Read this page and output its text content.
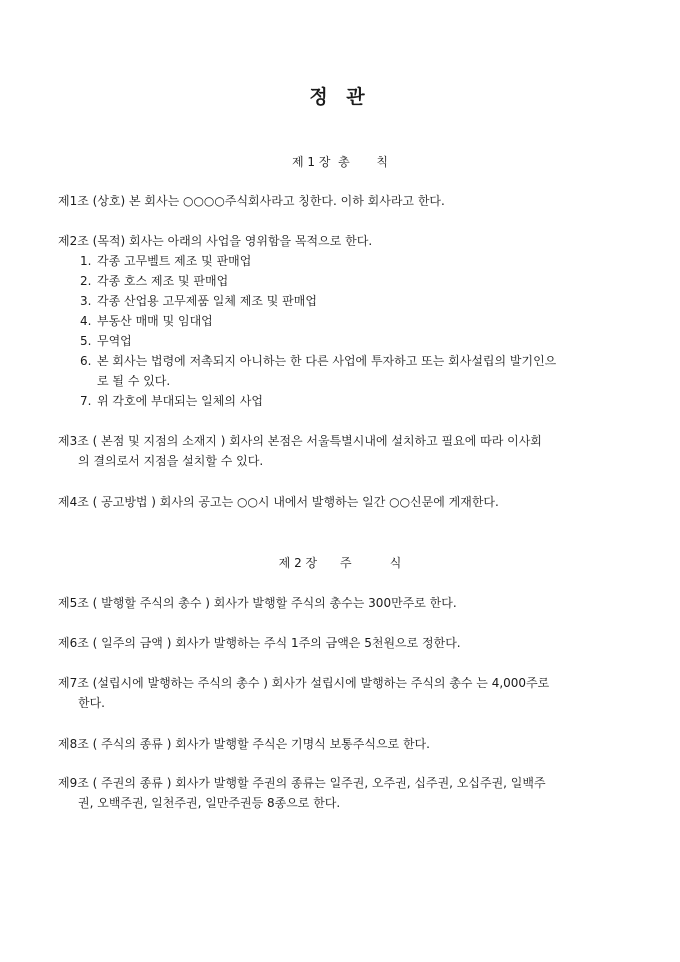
정 관
제 1 장  총       칙

제1조 (상호) 본 회사는 ○○○○주식회사라고 칭한다. 이하 회사라고 한다.

제2조 (목적) 회사는 아래의 사업을 영위함을 목적으로 한다.

1. 각종 고무벨트 제조 및 판매업
2. 각종 호스 제조 및 판매업
3. 각종 산업용 고무제품 일체 제조 및 판매업
4. 부동산 매매 및 임대업
5. 무역업
6. 본 회사는 법령에 저촉되지 아니하는 한 다른 사업에 투자하고 또는 회사설립의 발기인으
로 될 수 있다.
7. 위 각호에 부대되는 일체의 사업

제3조 ( 본점 및 지점의 소재지 ) 회사의 본점은 서울특별시내에 설치하고 필요에 따라 이사회

의 결의로서 지점을 설치할 수 있다.

제4조 ( 공고방법 ) 회사의 공고는 ○○시 내에서 발행하는 일간 ○○신문에 게재한다.

제 2 장      주          식

제5조 ( 발행할 주식의 총수 ) 회사가 발행할 주식의 총수는 300만주로 한다.

제6조 ( 일주의 금액 ) 회사가 발행하는 주식 1주의 금액은 5천원으로 정한다.

제7조 (설립시에 발행하는 주식의 총수 ) 회사가 설립시에 발행하는 주식의 총수 는 4,000주로

한다.

제8조 ( 주식의 종류 ) 회사가 발행할 주식은 기명식 보통주식으로 한다.

제9조 ( 주권의 종류 ) 회사가 발행할 주권의 종류는 일주권, 오주권, 십주권, 오십주권, 일백주

권, 오백주권, 일천주권, 일만주권등 8종으로 한다.
